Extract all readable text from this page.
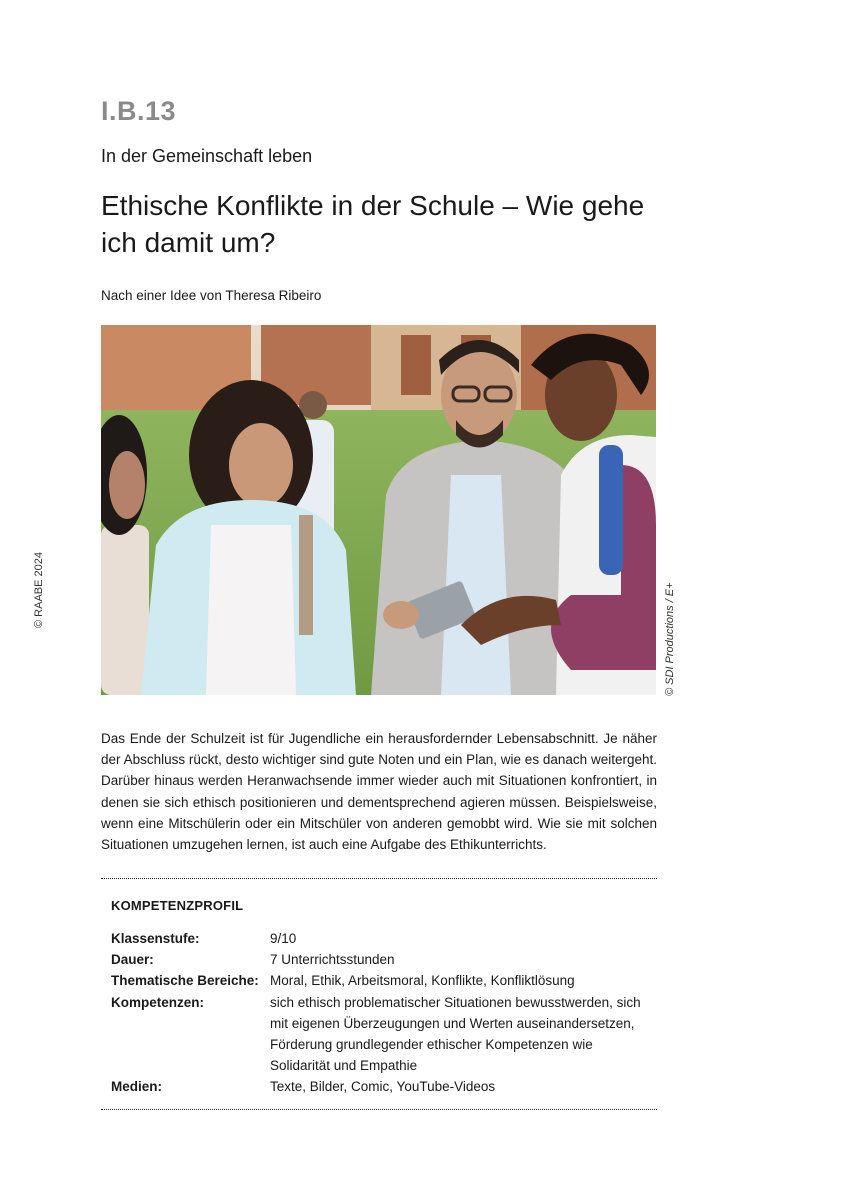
I.B.13
In der Gemeinschaft leben
Ethische Konflikte in der Schule – Wie gehe ich damit um?
Nach einer Idee von Theresa Ribeiro
© RAABE 2024	© SDI Productions / E+

Das Ende der Schulzeit ist für Jugendliche ein herausfordernder Lebensabschnitt. Je näher der Abschluss rückt, desto wichtiger sind gute Noten und ein Plan, wie es danach weitergeht. Darüber hinaus werden Heranwachsende immer wieder auch mit Situationen konfrontiert, in denen sie sich ethisch positionieren und dementsprechend agieren müssen. Beispielsweise, wenn eine Mitschülerin oder ein Mitschüler von anderen gemobbt wird. Wie sie mit solchen Situationen umzugehen lernen, ist auch eine Aufgabe des Ethikunterrichts.

KOMPETENZPROFIL
Klassenstufe:	9/10
Dauer:	7 Unterrichtsstunden
Thematische Bereiche: Moral, Ethik, Arbeitsmoral, Konflikte, Konfliktlösung
Kompetenzen:	sich ethisch problematischer Situationen bewusstwerden, sich mit eigenen Überzeugungen und Werten auseinandersetzen, Förderung grundlegender ethischer Kompetenzen wie Solidarität und Empathie
Medien:	Texte, Bilder, Comic, YouTube-Videos
